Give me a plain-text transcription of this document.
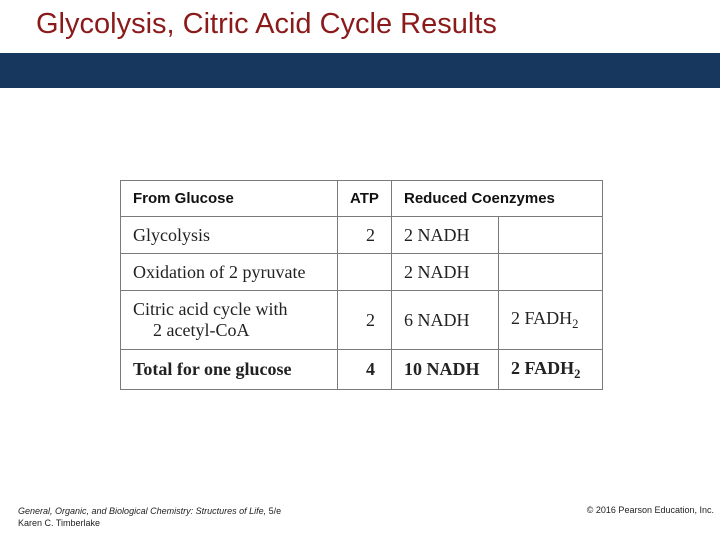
Glycolysis, Citric Acid Cycle Results
From Glucose	ATP	Reduced Coenzymes	
Glycolysis	2	2 NADH	
Oxidation of 2 pyruvate		2 NADH	
Citric acid cycle with
2 acetyl-CoA	2	6 NADH	2 $FADH_2$
Total for one glucose	4	10 NADH	2 $FADH_2$
General, Organic, and Biological Chemistry: Structures of Life, 5/e
Karen C. Timberlake
© 2016 Pearson Education, Inc.
